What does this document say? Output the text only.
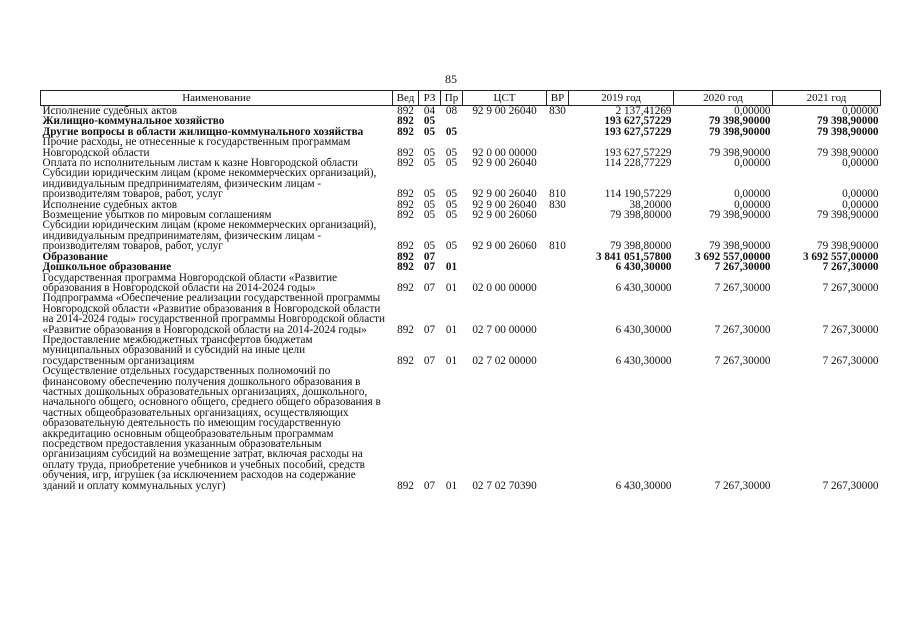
85
Наименование	Вед	РЗ	Пр	ЦСТ	ВР	2019 год	2020 год	2021 год
Исполнение судебных актов	892	04	08	92 9 00 26040	830	2 137,41269	0,00000	0,00000
Жилищно-коммунальное хозяйство	892	05				193 627,57229	79 398,90000	79 398,90000
Другие вопросы в области жилищно-коммунального хозяйства	892	05	05			193 627,57229	79 398,90000	79 398,90000
Прочие расходы, не отнесенные к государственным программам Новгородской области	892	05	05	92 0 00 00000		193 627,57229	79 398,90000	79 398,90000
Оплата по исполнительным листам к казне Новгородской области	892	05	05	92 9 00 26040		114 228,77229	0,00000	0,00000
Субсидии юридическим лицам (кроме некоммерческих организаций), индивидуальным предпринимателям, физическим лицам - производителям товаров, работ, услуг	892	05	05	92 9 00 26040	810	114 190,57229	0,00000	0,00000
Исполнение судебных актов	892	05	05	92 9 00 26040	830	38,20000	0,00000	0,00000
Возмещение убытков по мировым соглашениям	892	05	05	92 9 00 26060		79 398,80000	79 398,90000	79 398,90000
Субсидии юридическим лицам (кроме некоммерческих организаций), индивидуальным предпринимателям, физическим лицам - производителям товаров, работ, услуг	892	05	05	92 9 00 26060	810	79 398,80000	79 398,90000	79 398,90000
Образование	892	07				3 841 051,57800	3 692 557,00000	3 692 557,00000
Дошкольное образование	892	07	01			6 430,30000	7 267,30000	7 267,30000
Государственная программа Новгородской области «Развитие образования в Новгородской области на 2014-2024 годы»	892	07	01	02 0 00 00000		6 430,30000	7 267,30000	7 267,30000
Подпрограмма «Обеспечение реализации государственной программы Новгородской области «Развитие образования в Новгородской области на 2014-2024 годы» государственной программы Новгородской области «Развитие образования в Новгородской области на 2014-2024 годы»	892	07	01	02 7 00 00000		6 430,30000	7 267,30000	7 267,30000
Предоставление межбюджетных трансфертов бюджетам муниципальных образований и субсидий на иные цели государственным организациям	892	07	01	02 7 02 00000		6 430,30000	7 267,30000	7 267,30000
Осуществление отдельных государственных полномочий по финансовому обеспечению получения дошкольного образования в частных дошкольных образовательных организациях, дошкольного, начального общего, основного общего, среднего общего образования в частных общеобразовательных организациях, осуществляющих образовательную деятельность по имеющим государственную аккредитацию основным общеобразовательным программам посредством предоставления указанным образовательным организациям субсидий на возмещение затрат, включая расходы на оплату труда, приобретение учебников и учебных пособий, средств обучения, игр, игрушек (за исключением расходов на содержание зданий и оплату коммунальных услуг)	892	07	01	02 7 02 70390		6 430,30000	7 267,30000	7 267,30000
